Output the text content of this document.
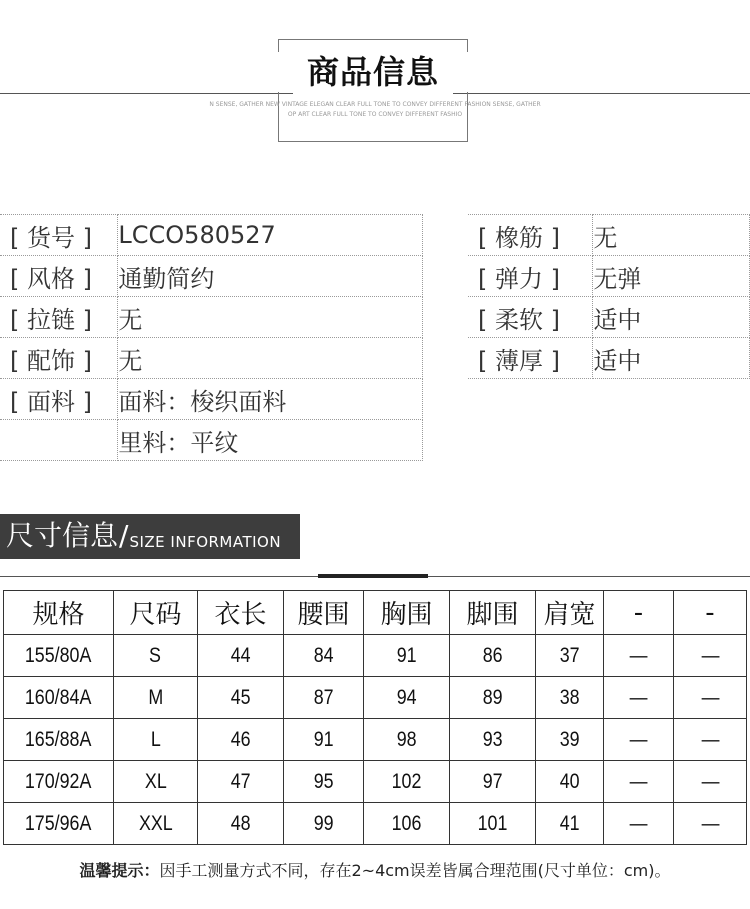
商品信息
N SENSE, GATHER NEW VINTAGE ELEGAN CLEAR FULL TONE TO CONVEY DIFFERENT FASHION SENSE, GATHER
OP ART CLEAR FULL TONE TO CONVEY DIFFERENT FASHIO
[ 货号 ]	LCCO580527
[ 风格 ]	通勤简约
[ 拉链 ]	无
[ 配饰 ]	无
[ 面料 ]	面料：梭织面料
	里料：平纹
[ 橡筋 ]	无
[ 弹力 ]	无弹
[ 柔软 ]	适中
[ 薄厚 ]	适中
尺寸信息 / SIZE INFORMATION
规格	尺码	衣长	腰围	胸围	脚围	肩宽	-	-
155/80A	S	44	84	91	86	37	—	—
160/84A	M	45	87	94	89	38	—	—
165/88A	L	46	91	98	93	39	—	—
170/92A	XL	47	95	102	97	40	—	—
175/96A	XXL	48	99	106	101	41	—	—
温馨提示：因手工测量方式不同，存在2~4cm误差皆属合理范围(尺寸单位：cm)。
